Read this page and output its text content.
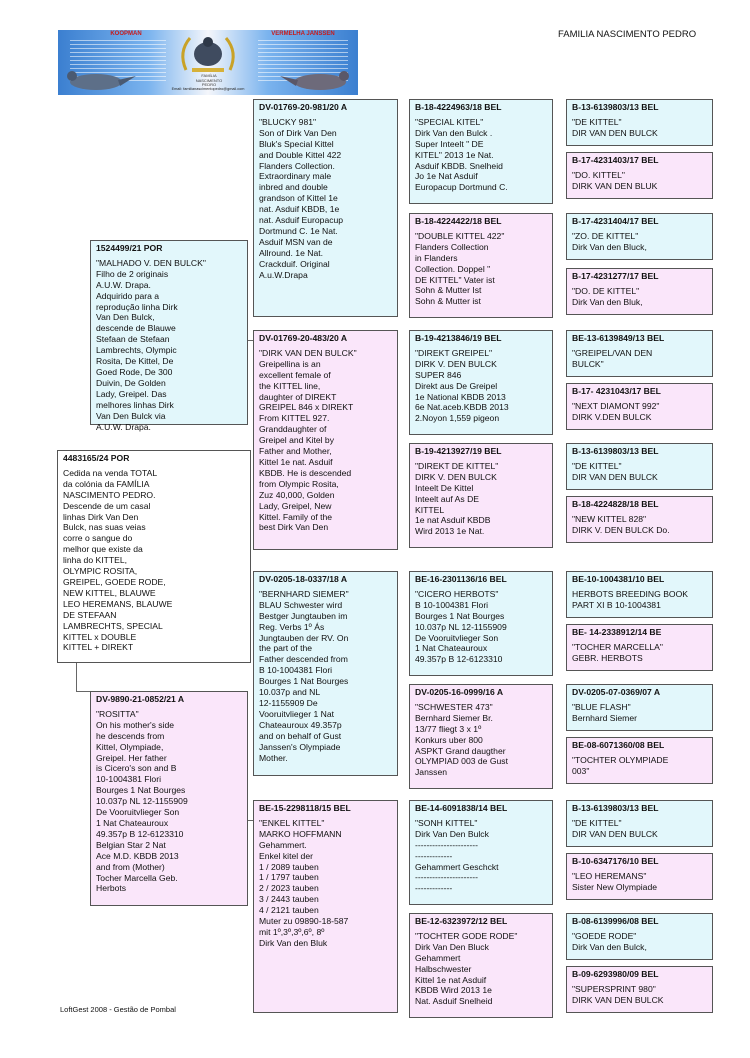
FAMILIA NASCIMENTO PEDRO
KOOPMAN	VERMELHA JANSSEN
FAMÍLIA
NASCIMENTO
PEDRO
Email: familianascimentopedro@gmail.com
4483165/24 POR
Cedida na venda TOTAL
da colónia da FAMÍLIA
NASCIMENTO PEDRO.
Descende de um casal
linhas Dirk Van Den
Bulck, nas suas veias
corre o sangue do
melhor que existe da
linha do KITTEL,
OLYMPIC ROSITA,
GREIPEL, GOEDE RODE,
NEW KITTEL, BLAUWE
LEO HEREMANS, BLAUWE
DE STEFAAN
LAMBRECHTS, SPECIAL
KITTEL x DOUBLE
KITTEL + DIREKT
1524499/21 POR
"MALHADO V. DEN BULCK"
Filho de 2 originais
A.U.W. Drapa.
Adquirido para a
reprodução linha Dirk
Van Den Bulck,
descende de Blauwe
Stefaan de Stefaan
Lambrechts, Olympic
Rosita, De Kittel, De
Goed Rode, De 300
Duivin, De Golden
Lady, Greipel. Das
melhores linhas Dirk
Van Den Bulck via
A.U.W. Drapa.
DV-9890-21-0852/21 A
"ROSITTA"
On his mother's side
he descends from
Kittel, Olympiade,
Greipel. Her father
is Cicero's son and B
10-1004381 Flori
Bourges 1 Nat Bourges
10.037p NL 12-1155909
De Vooruitvlieger Son
1 Nat Chateauroux
49.357p B 12-6123310
Belgian Star 2 Nat
Ace M.D. KBDB 2013
and from (Mother)
Tocher Marcella Geb.
Herbots
DV-01769-20-981/20 A
"BLUCKY 981"
Son of Dirk Van Den
Bluk's Special Kittel
and Double Kittel 422
Flanders Collection.
Extraordinary male
inbred and double
grandson of Kittel 1e
nat. Asduif KBDB, 1e
nat. Asduif Europacup
Dortmund C. 1e Nat.
Asduif MSN van de
Allround. 1e Nat.
Crackduif. Original
A.u.W.Drapa
DV-01769-20-483/20 A
"DIRK VAN DEN BULCK"
Greipellina is an
excellent female of
the KITTEL line,
daughter of DIREKT
GREIPEL 846 x DIREKT
From KITTEL 927.
Granddaughter of
Greipel and Kitel by
Father and Mother,
Kittel 1e nat. Asduif
KBDB. He is descended
from Olympic Rosita,
Zuz 40,000, Golden
Lady, Greipel, New
Kittel. Family of the
best Dirk Van Den
DV-0205-18-0337/18 A
"BERNHARD SIEMER"
BLAU Schwester wird
Bestger Jungtauben im
Reg. Verbs 1º Ás
Jungtauben der RV. On
the part of the
Father descended from
B 10-1004381 Flori
Bourges 1 Nat Bourges
10.037p and NL
12-1155909 De
Vooruitvlieger 1 Nat
Chateauroux 49.357p
and on behalf of Gust
Janssen's Olympiade
Mother.
BE-15-2298118/15 BEL
"ENKEL KITTEL"
MARKO HOFFMANN
Gehammert.
Enkel kitel der
1 / 2089 tauben
1 / 1797 tauben
2 / 2023 tauben
3 / 2443 tauben
4 / 2121 tauben
Muter zu 09890-18-587
mit 1º,3º,3º,6º, 8º
Dirk Van den Bluk
B-18-4224963/18 BEL
"SPECIAL KITEL"
Dirk Van den Bulck .
Super Inteelt " DE
KITEL" 2013 1e Nat.
Asduif KBDB. Snelheid
Jo 1e Nat Asduif
Europacup Dortmund C.
B-18-4224422/18 BEL
"DOUBLE KITTEL 422"
Flanders Collection
in Flanders
Collection. Doppel "
DE KITTEL" Vater ist
Sohn & Mutter Ist
Sohn & Mutter ist
B-19-4213846/19 BEL
"DIREKT GREIPEL"
DIRK V. DEN BULCK
SUPER 846
Direkt aus De Greipel
1e National KBDB 2013
6e Nat.aceb.KBDB 2013
2.Noyon 1,559 pigeon
B-19-4213927/19 BEL
"DIREKT DE KITTEL"
DIRK V. DEN BULCK
Inteelt De Kittel
Inteelt auf As DE
KITTEL
1e nat Asduif KBDB
Wird 2013 1e Nat.
BE-16-2301136/16 BEL
"CICERO HERBOTS"
B 10-1004381 Flori
Bourges 1 Nat Bourges
10.037p NL 12-1155909
De Vooruitvlieger Son
1 Nat Chateauroux
49.357p B 12-6123310
DV-0205-16-0999/16 A
"SCHWESTER 473"
Bernhard Siemer Br.
13/77 fliegt 3 x 1º
Konkurs uber 800
ASPKT Grand daugther
OLYMPIAD 003 de Gust
Janssen
BE-14-6091838/14 BEL
"SONH KITTEL"
Dirk Van Den Bulck
----------------------
-------------
Gehammert Geschckt
----------------------
-------------
BE-12-6323972/12 BEL
"TOCHTER GODE RODE"
Dirk Van Den Bluck
Gehammert
Halbschwester
Kittel 1e nat Asduif
KBDB Wird 2013 1e
Nat. Asduif Snelheid
B-13-6139803/13 BEL
"DE KITTEL"
DIR VAN DEN BULCK
B-17-4231403/17 BEL
"DO. KITTEL"
DIRK VAN DEN BLUK
B-17-4231404/17 BEL
"ZO. DE KITTEL"
Dirk Van den Bluck,
B-17-4231277/17 BEL
"DO. DE KITTEL"
Dirk Van den Bluk,
BE-13-6139849/13 BEL
"GREIPEL/VAN DEN
BULCK"
B-17- 4231043/17 BEL
"NEXT DIAMONT 992"
DIRK V.DEN BULCK
B-13-6139803/13 BEL
"DE KITTEL"
DIR VAN DEN BULCK
B-18-4224828/18 BEL
"NEW KITTEL 828"
DIRK V. DEN BULCK Do.
BE-10-1004381/10 BEL
HERBOTS BREEDING BOOK
PART XI B 10-1004381
BE- 14-2338912/14 BE
"TOCHER MARCELLA"
GEBR. HERBOTS
DV-0205-07-0369/07 A
"BLUE FLASH"
Bernhard Siemer
BE-08-6071360/08 BEL
"TOCHTER OLYMPIADE
003"
B-13-6139803/13 BEL
"DE KITTEL"
DIR VAN DEN BULCK
B-10-6347176/10 BEL
"LEO HEREMANS"
Sister New Olympiade
B-08-6139996/08 BEL
"GOEDE RODE"
Dirk Van den Bulck,
B-09-6293980/09 BEL
"SUPERSPRINT 980"
DIRK VAN DEN BULCK
LoftGest 2008 - Gestão de Pombal
